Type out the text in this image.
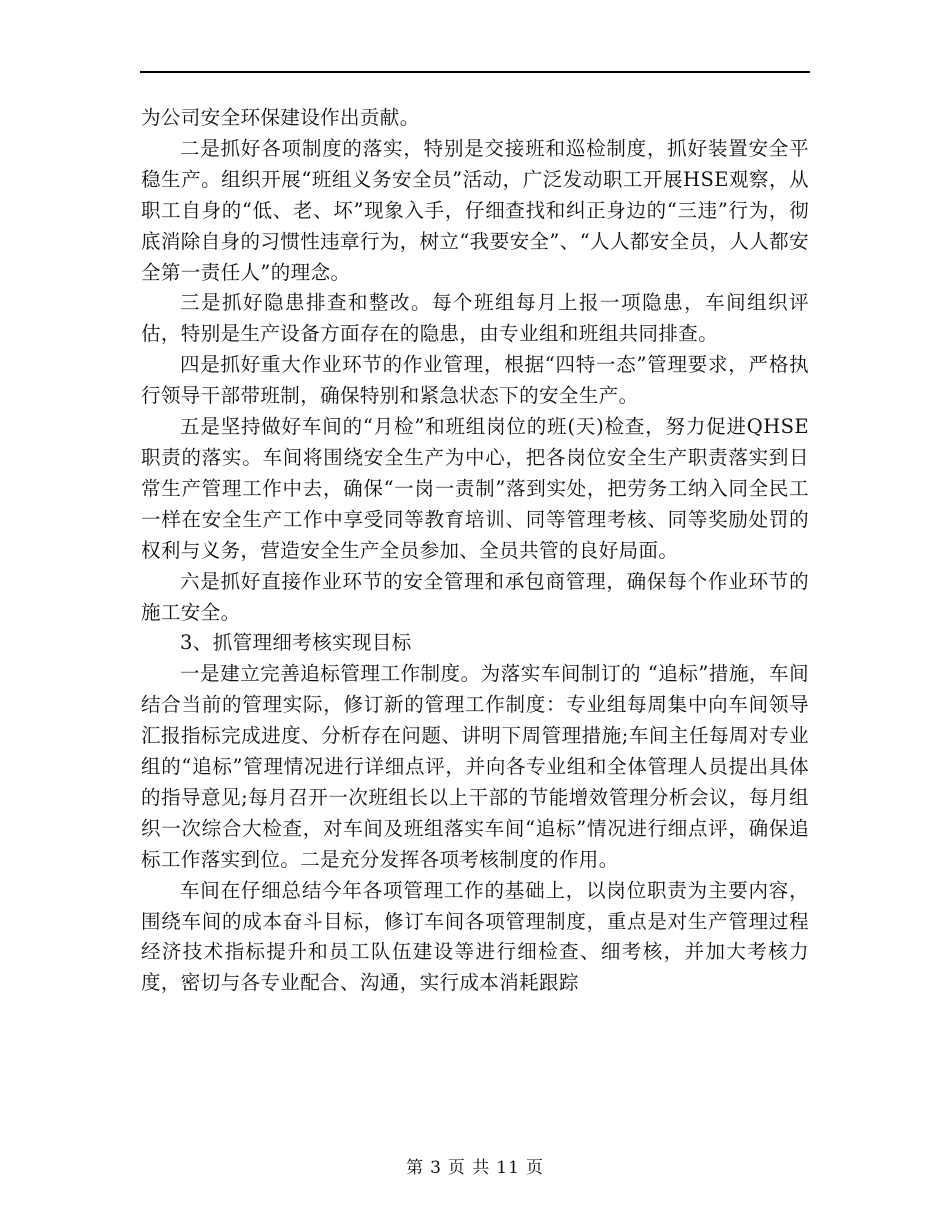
为公司安全环保建设作出贡献。

二是抓好各项制度的落实，特别是交接班和巡检制度，抓好装置安全平稳生产。组织开展“班组义务安全员”活动，广泛发动职工开展HSE观察，从职工自身的“低、老、坏”现象入手，仔细查找和纠正身边的“三违”行为，彻底消除自身的习惯性违章行为，树立“我要安全”、“人人都安全员，人人都安全第一责任人”的理念。

三是抓好隐患排查和整改。每个班组每月上报一项隐患，车间组织评估，特别是生产设备方面存在的隐患，由专业组和班组共同排查。

四是抓好重大作业环节的作业管理，根据“四特一态”管理要求，严格执行领导干部带班制，确保特别和紧急状态下的安全生产。

五是坚持做好车间的“月检”和班组岗位的班(天)检查，努力促进QHSE职责的落实。车间将围绕安全生产为中心，把各岗位安全生产职责落实到日常生产管理工作中去，确保“一岗一责制”落到实处，把劳务工纳入同全民工一样在安全生产工作中享受同等教育培训、同等管理考核、同等奖励处罚的权利与义务，营造安全生产全员参加、全员共管的良好局面。

六是抓好直接作业环节的安全管理和承包商管理，确保每个作业环节的施工安全。

3、抓管理细考核实现目标

一是建立完善追标管理工作制度。为落实车间制订的 “追标”措施，车间结合当前的管理实际，修订新的管理工作制度：专业组每周集中向车间领导汇报指标完成进度、分析存在问题、讲明下周管理措施;车间主任每周对专业组的“追标”管理情况进行详细点评，并向各专业组和全体管理人员提出具体的指导意见;每月召开一次班组长以上干部的节能增效管理分析会议，每月组织一次综合大检查，对车间及班组落实车间“追标”情况进行细点评，确保追标工作落实到位。二是充分发挥各项考核制度的作用。

车间在仔细总结今年各项管理工作的基础上，以岗位职责为主要内容，围绕车间的成本奋斗目标，修订车间各项管理制度，重点是对生产管理过程经济技术指标提升和员工队伍建设等进行细检查、细考核，并加大考核力度，密切与各专业配合、沟通，实行成本消耗跟踪

第 3 页 共 11 页
